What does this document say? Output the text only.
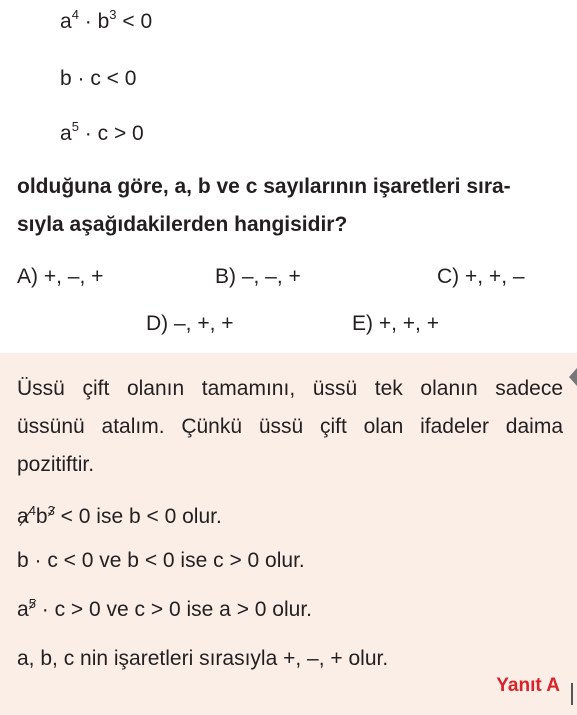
$a^4 \cdot b^3 < 0$
b · c < 0
$a^5 \cdot c > 0$
olduğuna göre, a, b ve c sayılarının işaretleri sıra-
sıyla aşağıdakilerden hangisidir?
A) +, –, +	B) –, –, +	C) +, +, –
D) –, +, +	E) +, +, +
Üssü çift olanın tamamını, üssü tek olanın sadece
üssünü atalım. Çünkü üssü çift olan ifadeler daima
pozitiftir.
$a^4b^3 < 0$ ise b < 0 olur.
b · c < 0 ve b < 0 ise c > 0 olur.
$a^5 \cdot c > 0$ ve c > 0 ise a > 0 olur.
a, b, c nin işaretleri sırasıyla +, –, + olur.
Yanıt A
